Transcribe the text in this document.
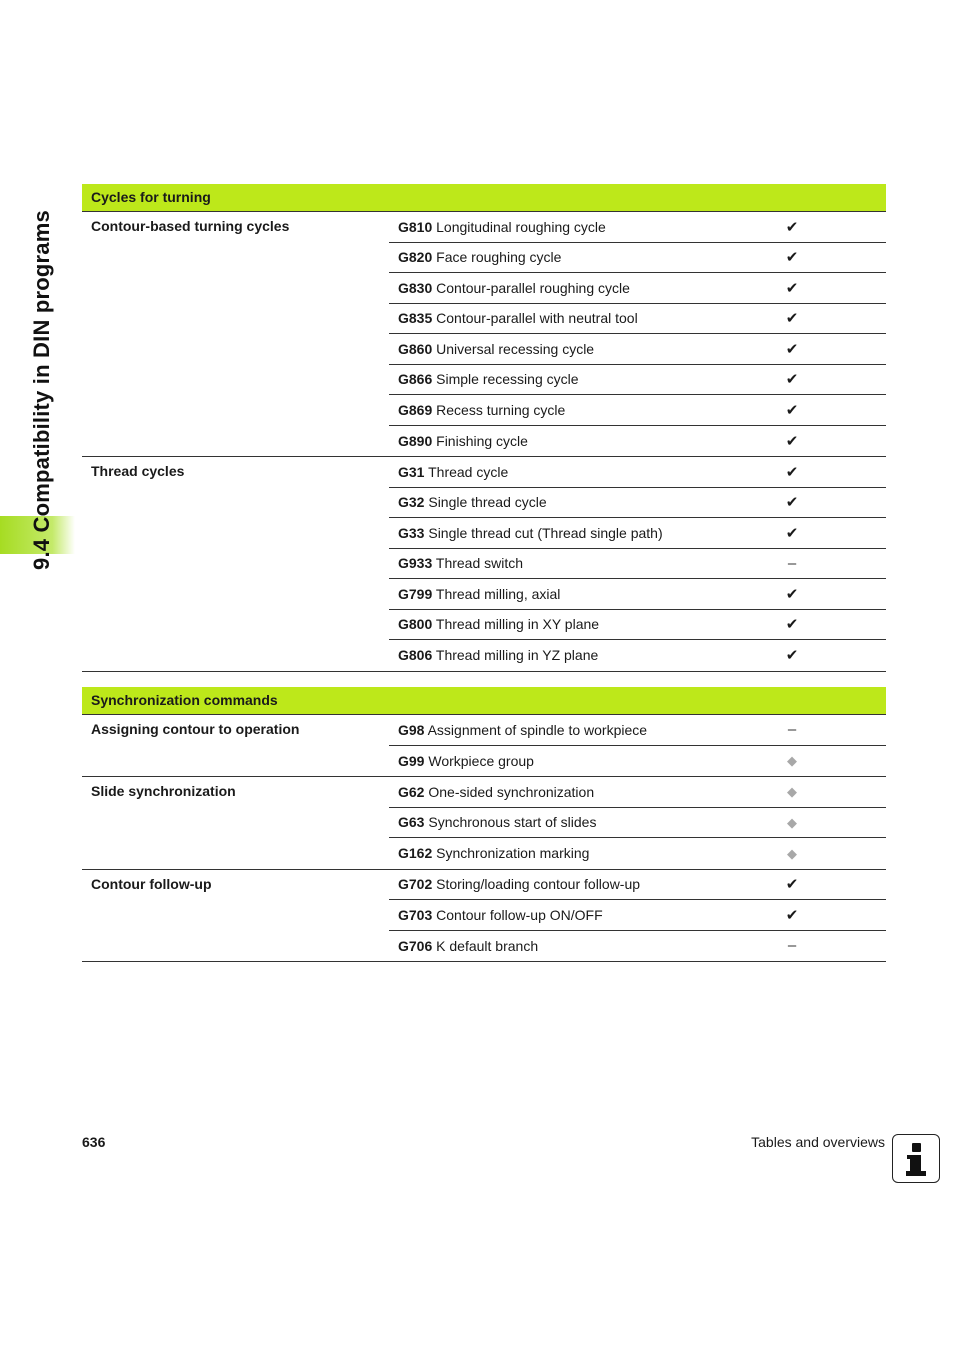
9.4 Compatibility in DIN programs
Cycles for turning
Contour-based turning cycles	G810 Longitudinal roughing cycle	✔
G820 Face roughing cycle	✔
G830 Contour-parallel roughing cycle	✔
G835 Contour-parallel with neutral tool	✔
G860 Universal recessing cycle	✔
G866 Simple recessing cycle	✔
G869 Recess turning cycle	✔
G890 Finishing cycle	✔
Thread cycles	G31 Thread cycle	✔
G32 Single thread cycle	✔
G33 Single thread cut (Thread single path)	✔
G933 Thread switch	–
G799 Thread milling, axial	✔
G800 Thread milling in XY plane	✔
G806 Thread milling in YZ plane	✔
Synchronization commands
Assigning contour to operation	G98 Assignment of spindle to workpiece	–
G99 Workpiece group	◆
Slide synchronization	G62 One-sided synchronization	◆
G63 Synchronous start of slides	◆
G162 Synchronization marking	◆
Contour follow-up	G702 Storing/loading contour follow-up	✔
G703 Contour follow-up ON/OFF	✔
G706 K default branch	–
636	Tables and overviews
